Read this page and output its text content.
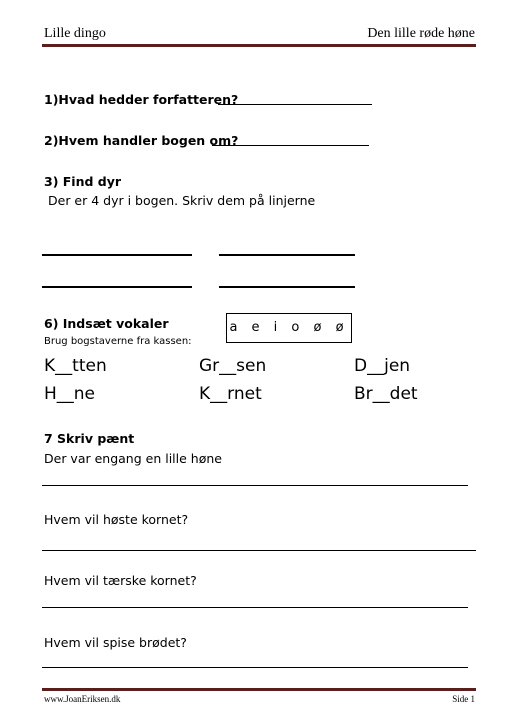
Lille dingo	Den lille røde høne
1)Hvad hedder forfatteren?
2)Hvem handler bogen om?
3) Find dyr
Der er 4 dyr i bogen. Skriv dem på linjerne
6) Indsæt vokaler
Brug bogstaverne fra kassen:
a e i o ø ø
K__tten	Gr__sen	D__jen
H__ne	K__rnet	Br__det
7 Skriv pænt
Der var engang en lille høne
Hvem vil høste kornet?
Hvem vil tærske kornet?
Hvem vil spise brødet?
www.JoanEriksen.dk	Side 1
